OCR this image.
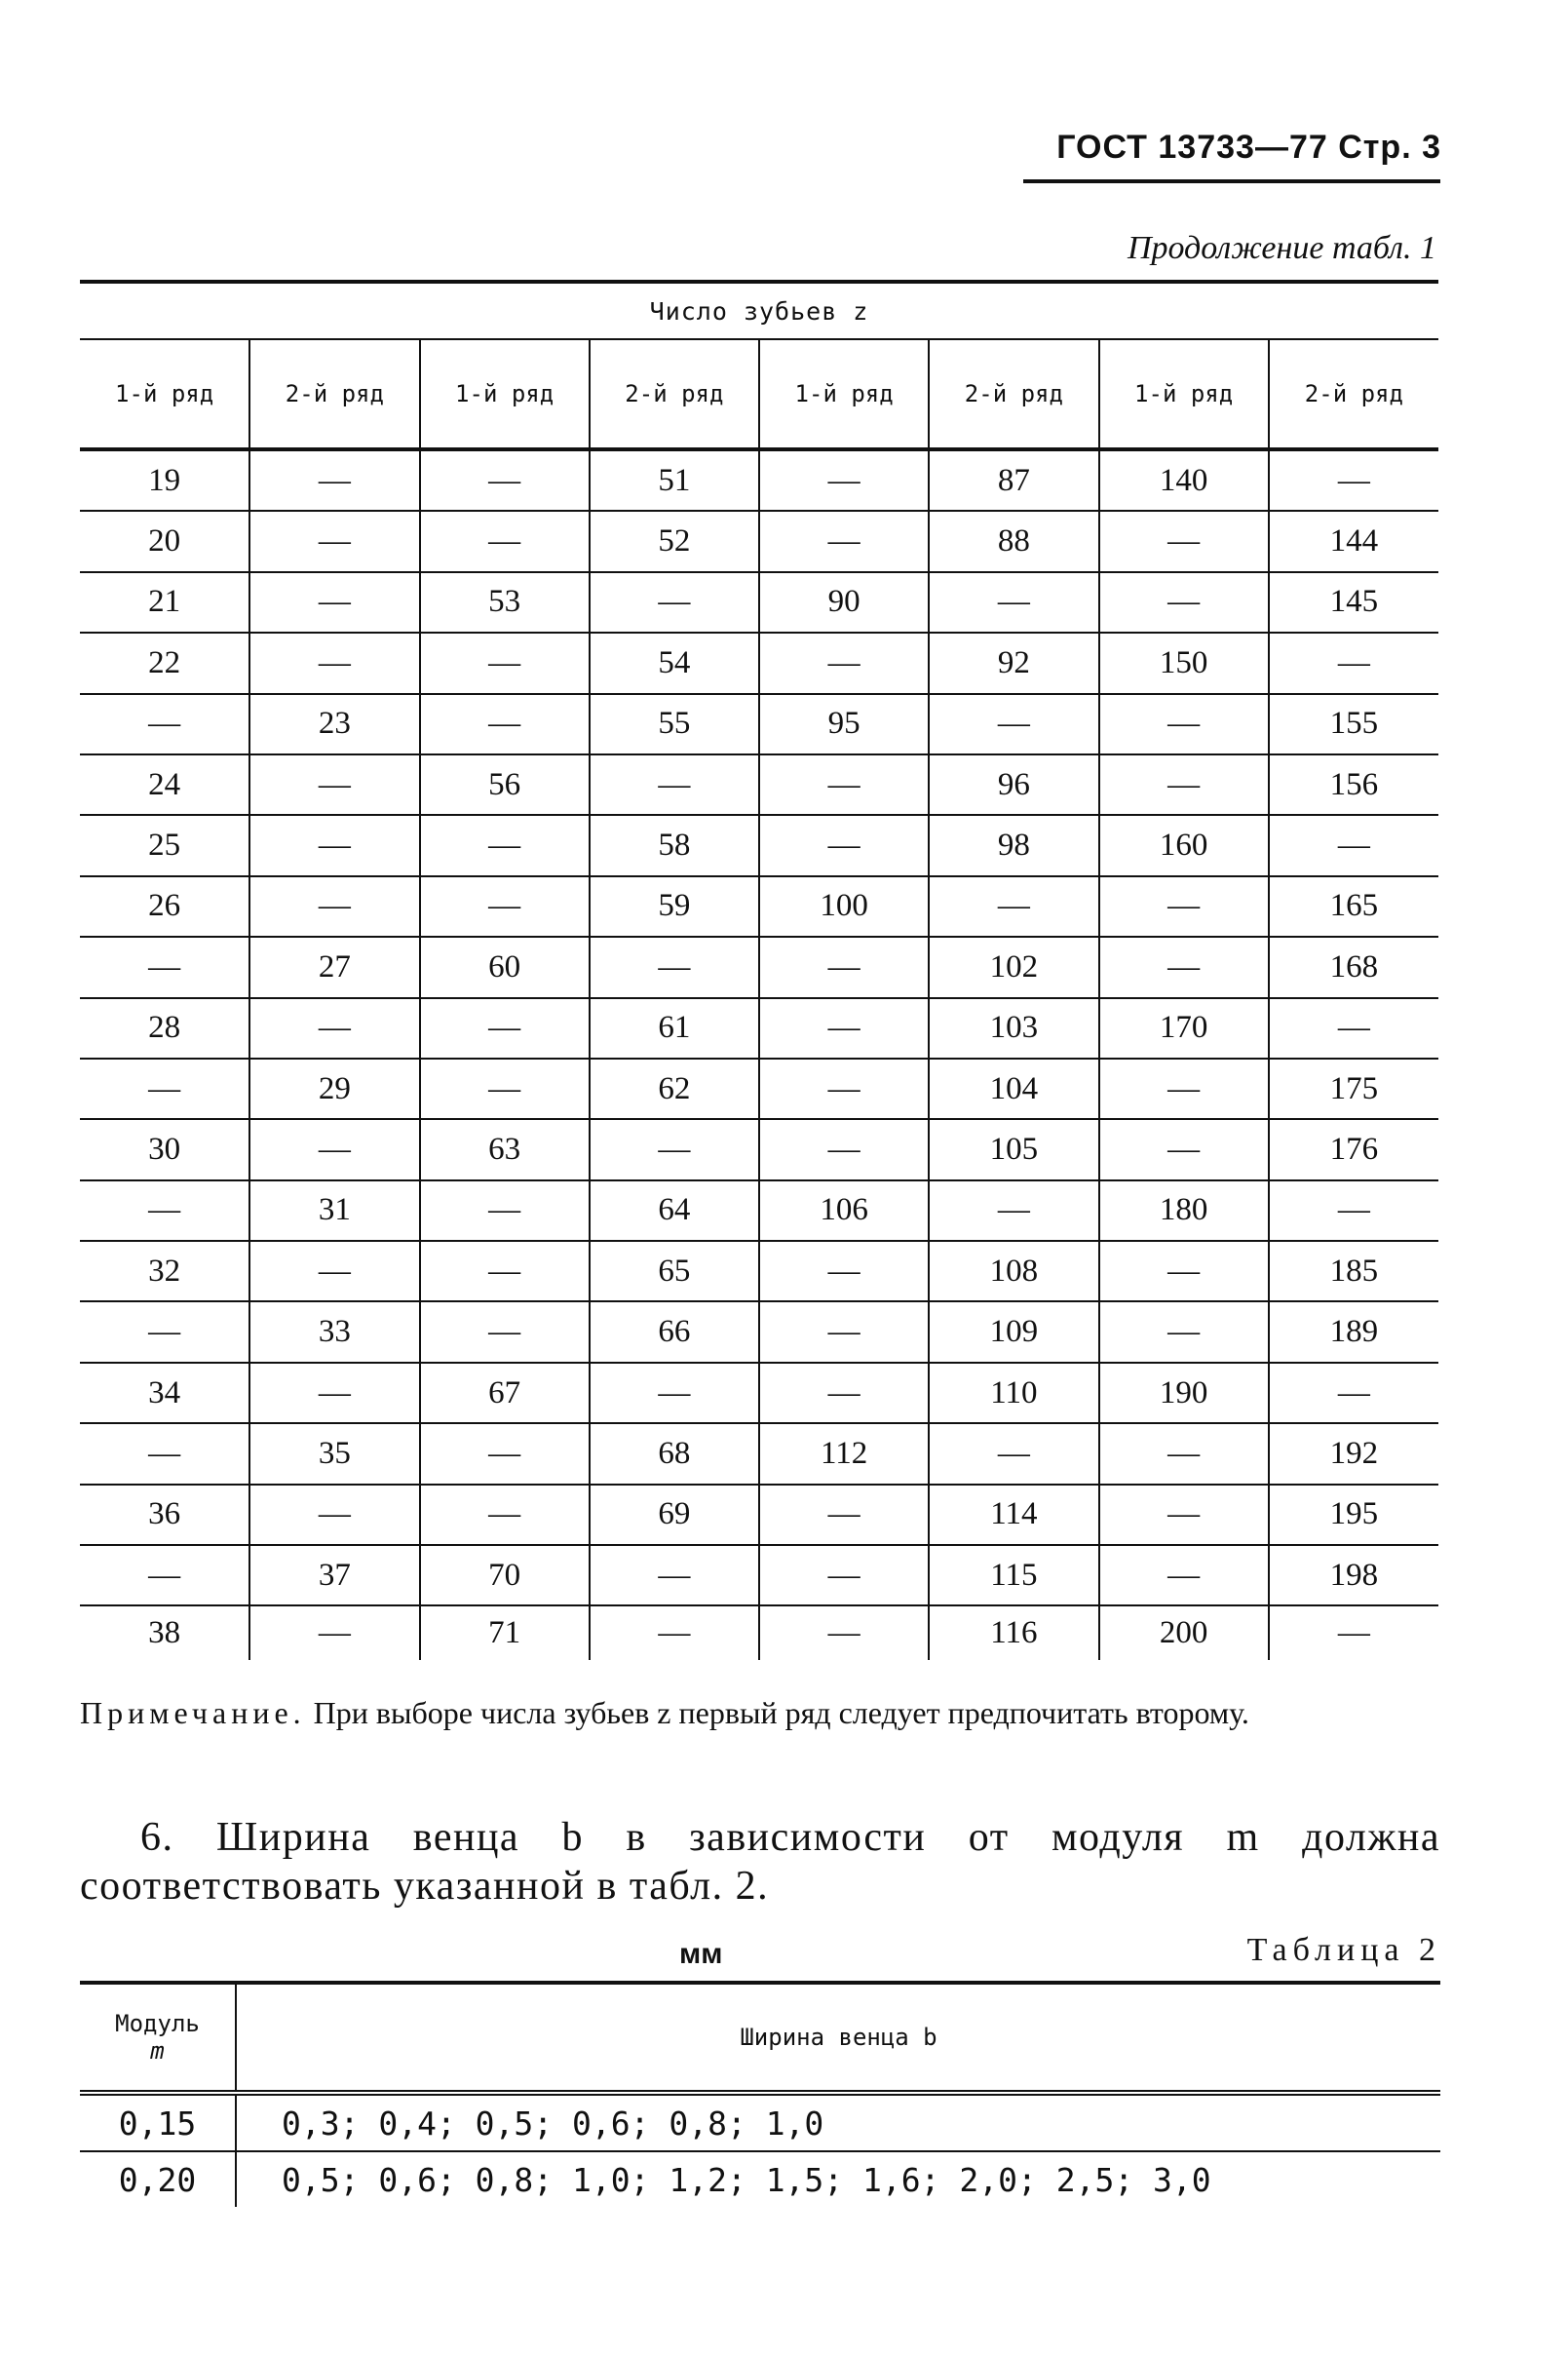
ГОСТ 13733—77 Стр. 3
Продолжение табл. 1
Число зубьев z							
1-й ряд	2-й ряд	1-й ряд	2-й ряд	1-й ряд	2-й ряд	1-й ряд	2-й ряд
19	—	—	51	—	87	140	—
20	—	—	52	—	88	—	144
21	—	53	—	90	—	—	145
22	—	—	54	—	92	150	—
—	23	—	55	95	—	—	155
24	—	56	—	—	96	—	156
25	—	—	58	—	98	160	—
26	—	—	59	100	—	—	165
—	27	60	—	—	102	—	168
28	—	—	61	—	103	170	—
—	29	—	62	—	104	—	175
30	—	63	—	—	105	—	176
—	31	—	64	106	—	180	—
32	—	—	65	—	108	—	185
—	33	—	66	—	109	—	189
34	—	67	—	—	110	190	—
—	35	—	68	112	—	—	192
36	—	—	69	—	114	—	195
—	37	70	—	—	115	—	198
38	—	71	—	—	116	200	—
Примечание. При выборе числа зубьев z первый ряд следует предпочитать второму.
6. Ширина венца b в зависимости от модуля m должна соответствовать указанной в табл. 2.
мм	Таблица 2
Модуль
m	Ширина венца b
0,15	0,3; 0,4; 0,5; 0,6; 0,8; 1,0
0,20	0,5; 0,6; 0,8; 1,0; 1,2; 1,5; 1,6; 2,0; 2,5; 3,0
